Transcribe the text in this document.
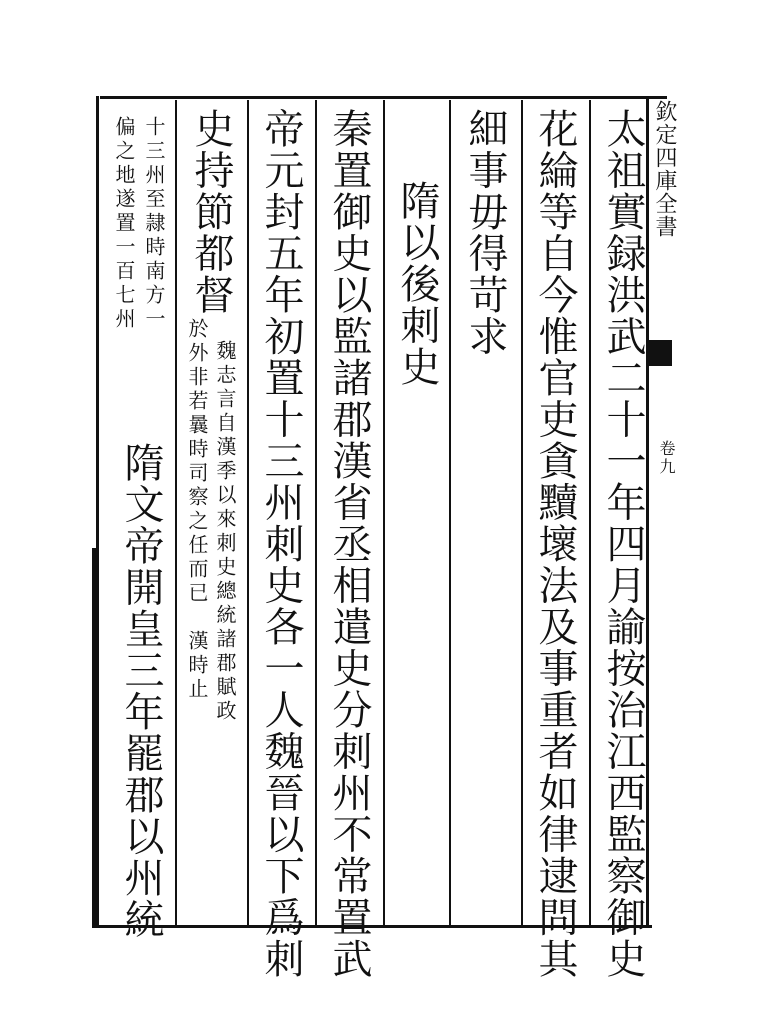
欽定四庫全書
卷九
太祖實録洪武二十一年四月諭按治江西監察御史
花綸等自今惟官吏貪黷壞法及事重者如律逮問其
細事毋得苛求
隋以後刺史
秦置御史以監諸郡漢省丞相遣史分刺州不常置武
帝元封五年初置十三州刺史各一人魏晉以下爲刺
史持節都督
魏志言自漢季以來刺史總統諸郡賦政
於外非若曩時司察之任而已　漢時止
十三州至隷時南方一
偏之地遂置一百七州
隋文帝開皇三年罷郡以州統
